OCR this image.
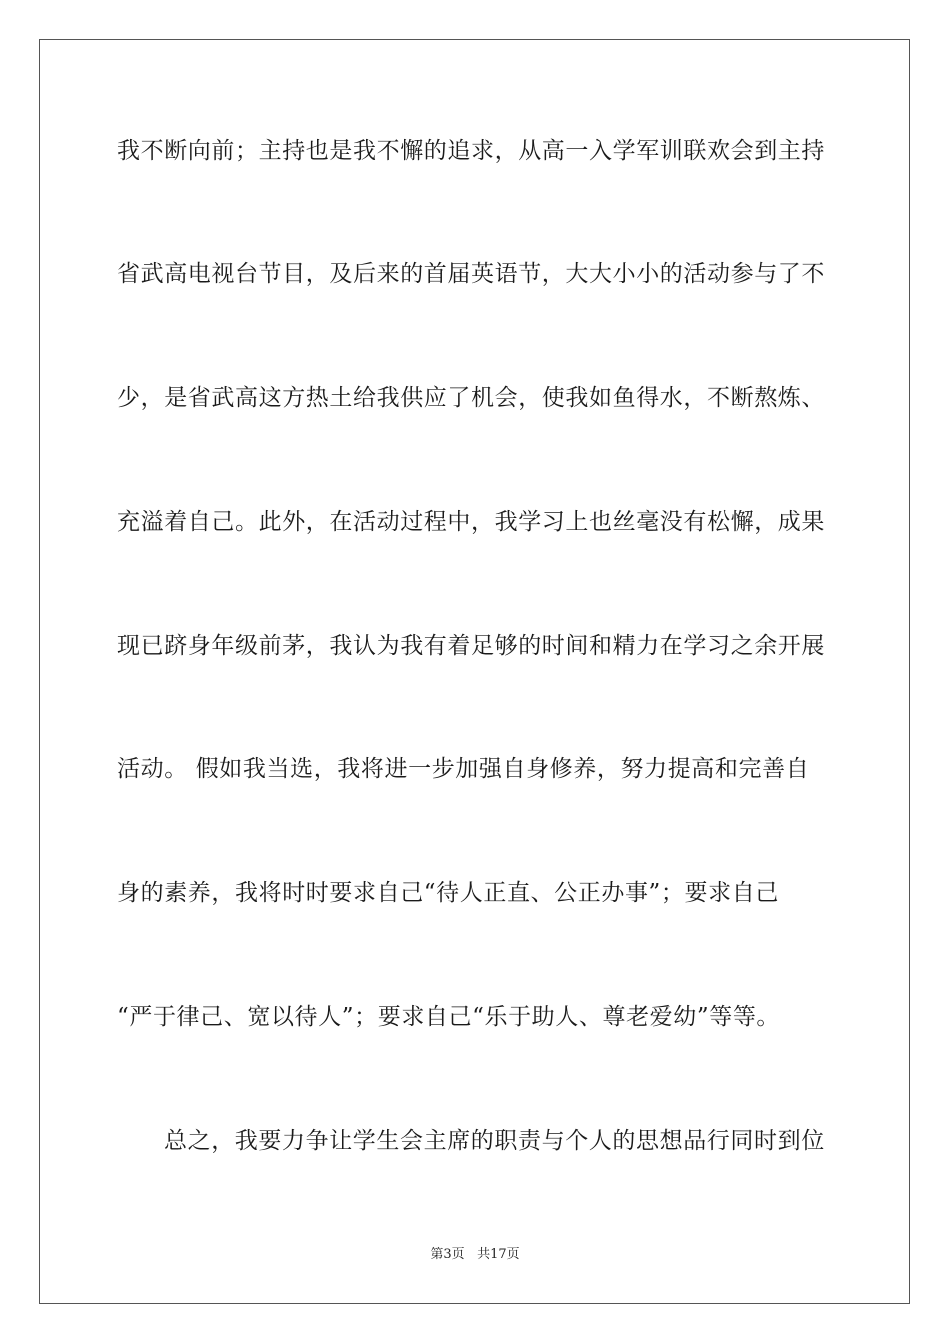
我不断向前；主持也是我不懈的追求，从高一入学军训联欢会到主持
省武高电视台节目，及后来的首届英语节，大大小小的活动参与了不
少，是省武高这方热土给我供应了机会，使我如鱼得水，不断熬炼、
充溢着自己。此外，在活动过程中，我学习上也丝毫没有松懈，成果
现已跻身年级前茅，我认为我有着足够的时间和精力在学习之余开展
活动。 假如我当选，我将进一步加强自身修养，努力提高和完善自
身的素养，我将时时要求自己“待人正直、公正办事”；要求自己
“严于律己、宽以待人”；要求自己“乐于助人、尊老爱幼”等等。
总之，我要力争让学生会主席的职责与个人的思想品行同时到位
第3页 共17页
